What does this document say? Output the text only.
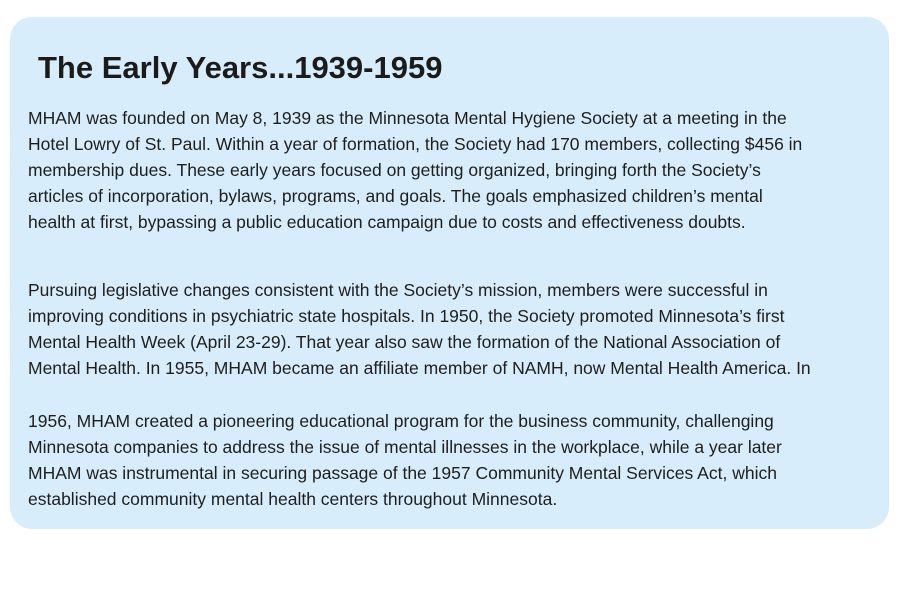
The Early Years...1939-1959

MHAM was founded on May 8, 1939 as the Minnesota Mental Hygiene Society at a meeting in the
Hotel Lowry of St. Paul. Within a year of formation, the Society had 170 members, collecting $456 in
membership dues. These early years focused on getting organized, bringing forth the Society’s
articles of incorporation, bylaws, programs, and goals. The goals emphasized children’s mental
health at first, bypassing a public education campaign due to costs and effectiveness doubts.

Pursuing legislative changes consistent with the Society’s mission, members were successful in
improving conditions in psychiatric state hospitals. In 1950, the Society promoted Minnesota’s first
Mental Health Week (April 23-29). That year also saw the formation of the National Association of
Mental Health. In 1955, MHAM became an affiliate member of NAMH, now Mental Health America. In

1956, MHAM created a pioneering educational program for the business community, challenging
Minnesota companies to address the issue of mental illnesses in the workplace, while a year later
MHAM was instrumental in securing passage of the 1957 Community Mental Services Act, which
established community mental health centers throughout Minnesota.
